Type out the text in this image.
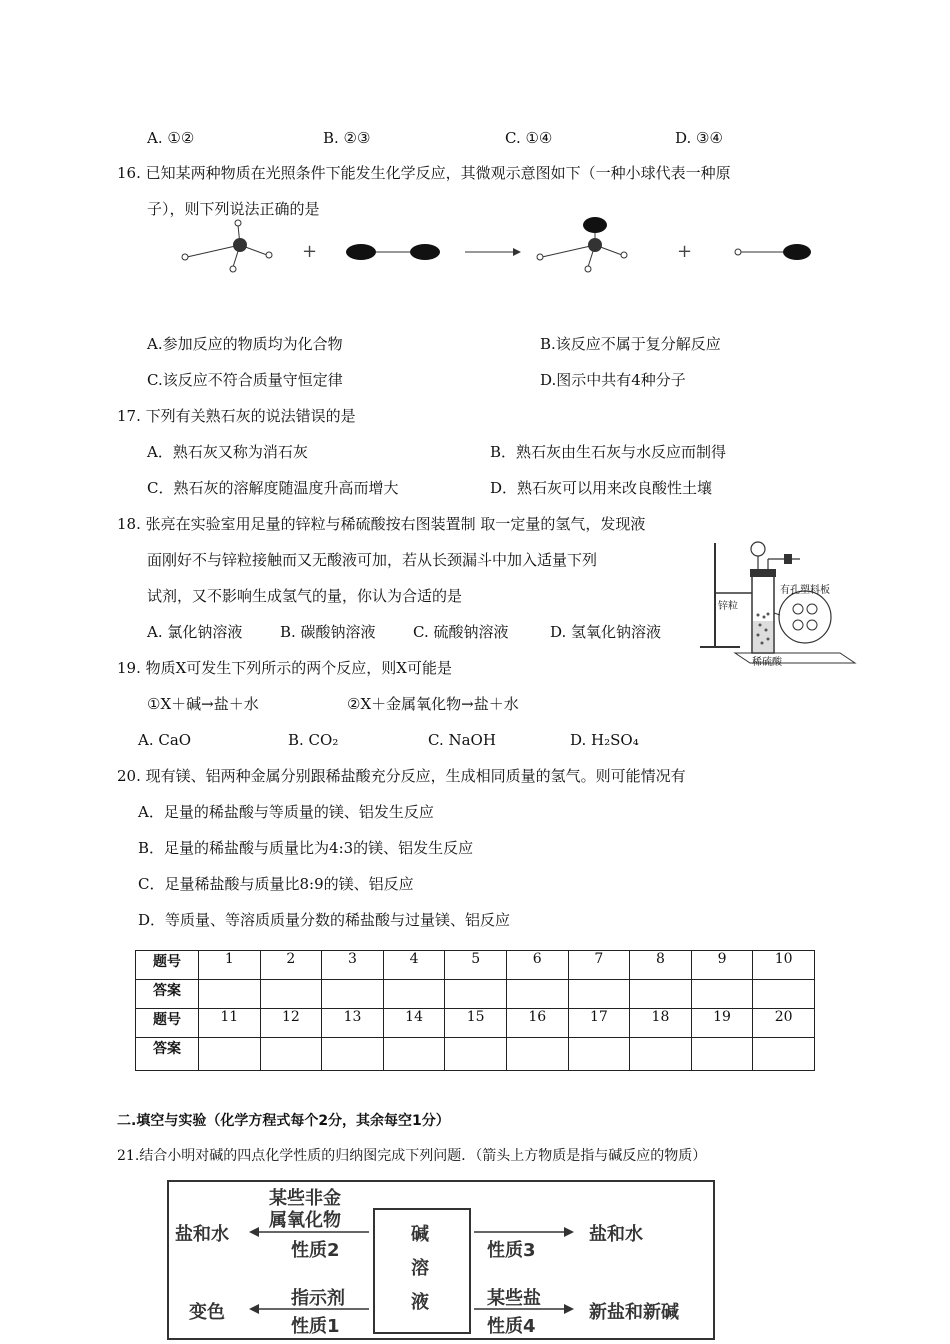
A. ①②	B. ②③	C. ①④	D. ③④
16. 已知某两种物质在光照条件下能发生化学反应，其微观示意图如下（一种小球代表一种原
子），则下列说法正确的是
+	+
A.参加反应的物质均为化合物	B.该反应不属于复分解反应
C.该反应不符合质量守恒定律	D.图示中共有4种分子
17. 下列有关熟石灰的说法错误的是
A．熟石灰又称为消石灰	B．熟石灰由生石灰与水反应而制得
C．熟石灰的溶解度随温度升高而增大	D．熟石灰可以用来改良酸性土壤
18. 张亮在实验室用足量的锌粒与稀硫酸按右图装置制 取一定量的氢气，发现液
面刚好不与锌粒接触而又无酸液可加，若从长颈漏斗中加入适量下列
试剂，又不影响生成氢气的量，你认为合适的是
A. 氯化钠溶液	B. 碳酸钠溶液 C. 硫酸钠溶液	D. 氢氧化钠溶液
有孔塑料板
锌粒
稀硫酸
19. 物质X可发生下列所示的两个反应，则X可能是
①X＋碱→盐＋水	②X＋金属氧化物→盐＋水
A. CaO	B. CO₂	C. NaOH	D. H₂SO₄
20. 现有镁、铝两种金属分别跟稀盐酸充分反应，生成相同质量的氢气。则可能情况有
A．足量的稀盐酸与等质量的镁、铝发生反应
B．足量的稀盐酸与质量比为4:3的镁、铝发生反应
C．足量稀盐酸与质量比8:9的镁、铝反应
D．等质量、等溶质质量分数的稀盐酸与过量镁、铝反应
题号	1	2	3	4	5	6	7	8	9	10
答案										
题号	11	12	13	14	15	16	17	18	19	20
答案										
二.填空与实验（化学方程式每个2分，其余每空1分）
21.结合小明对碱的四点化学性质的归纳图完成下列问题．（箭头上方物质是指与碱反应的物质）
碱
溶
液
某些非金
属氧化物
性质2
盐和水
性质3
盐和水
指示剂
性质1
变色
某些盐
性质4
新盐和新碱
